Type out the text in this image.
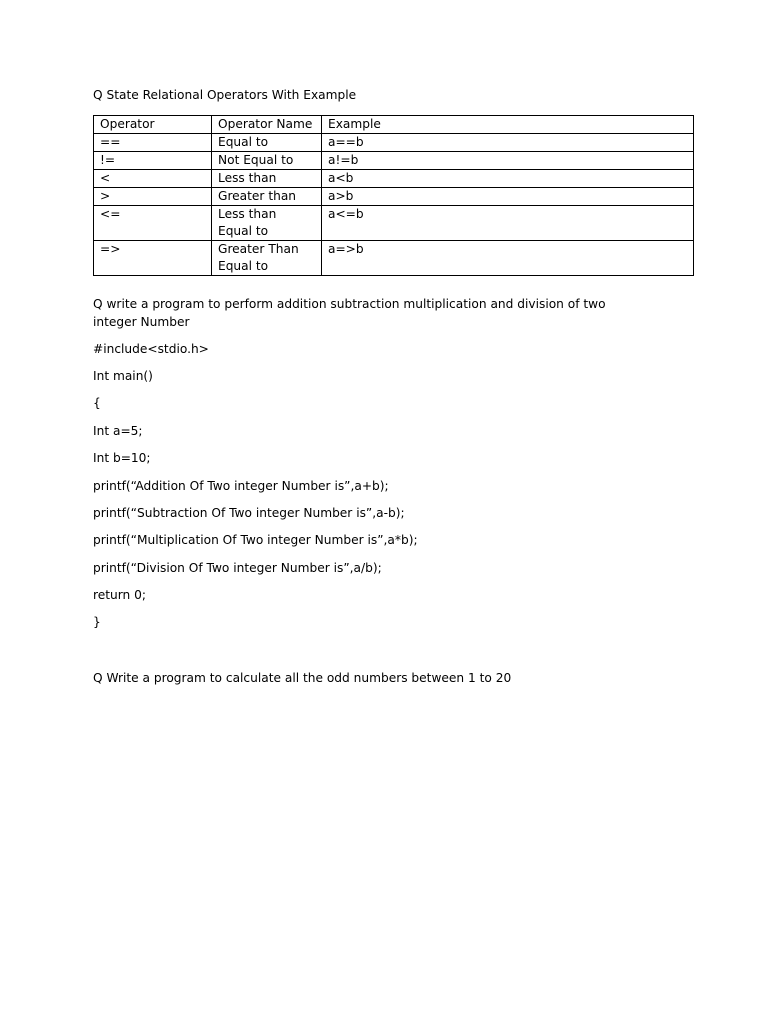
Q State Relational Operators With Example
Operator	Operator Name	Example
==	Equal to	a==b
!=	Not Equal to	a!=b
<	Less than	a<b
>	Greater than	a>b
<=	Less than Equal to	a<=b
=>	Greater Than Equal to	a=>b
Q write a program to perform addition subtraction multiplication and division of two integer Number
#include<stdio.h>
Int main()
{
Int a=5;
Int b=10;
printf(“Addition Of Two integer Number is”,a+b);
printf(“Subtraction Of Two integer Number is”,a-b);
printf(“Multiplication Of Two integer Number is”,a*b);
printf(“Division Of Two integer Number is”,a/b);
return 0;
}
Q Write a program to calculate all the odd numbers between 1 to 20
